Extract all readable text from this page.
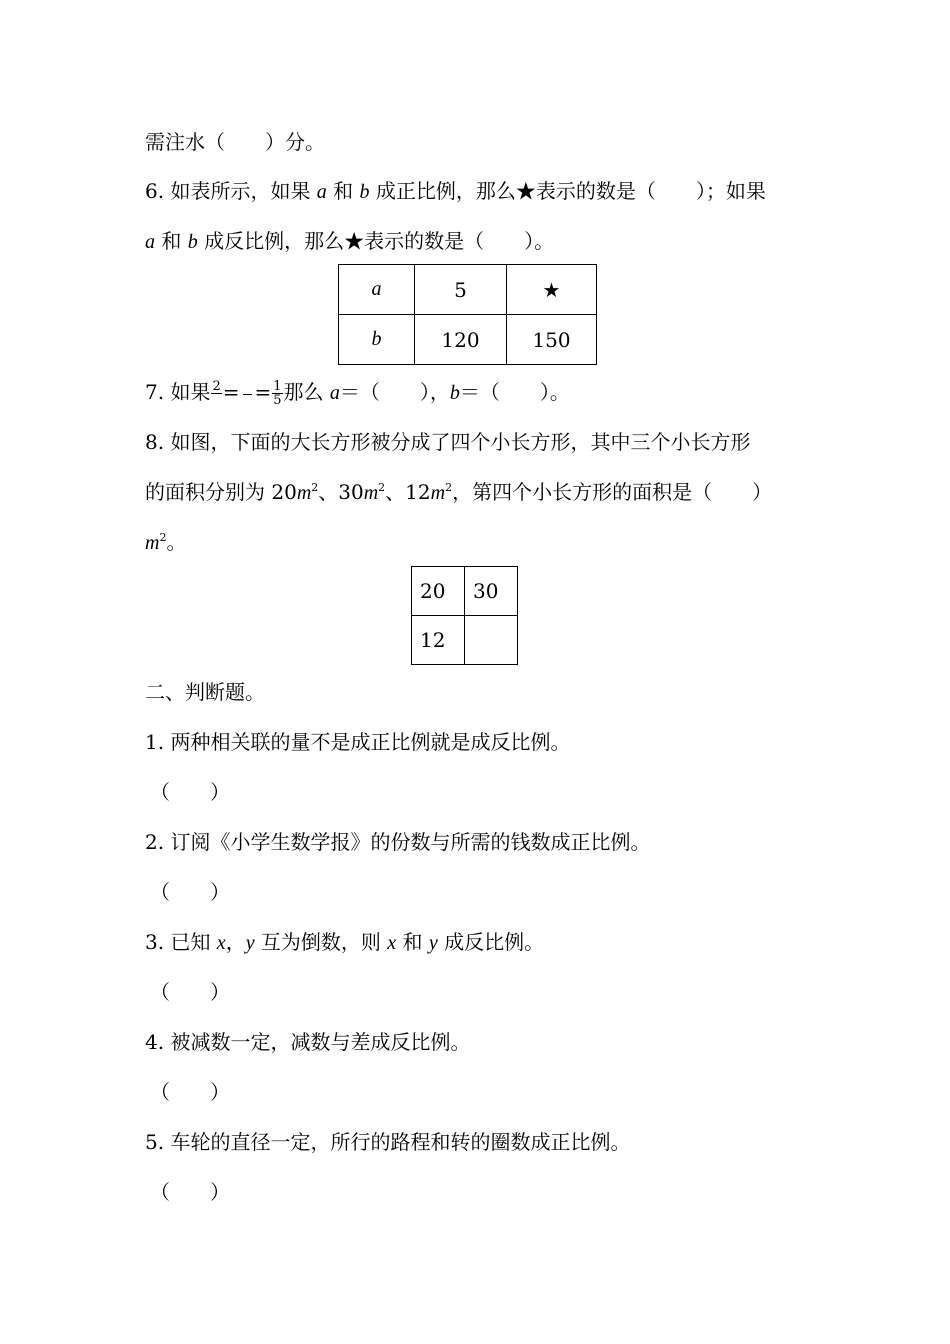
需注水（　　）分。
6. 如表所示，如果 a 和 b 成正比例，那么★表示的数是（　　）；如果
a 和 b 成反比例，那么★表示的数是（　　）。
a	5	★
b	120	150
7. 如果 2
= = $\frac{1}{5}$ 那么 a＝（　　），b＝（　　）。
8. 如图，下面的大长方形被分成了四个小长方形，其中三个小长方形
的面积分别为 $20m^2$、$30m^2$、$12m^2$，第四个小长方形的面积是（　　）
$m^2$。
20	30
12	
二、判断题。
1. 两种相关联的量不是成正比例就是成反比例。
（　　）
2. 订阅《小学生数学报》的份数与所需的钱数成正比例。
（　　）
3. 已知 x，y 互为倒数，则 x 和 y 成反比例。
（　　）
4. 被减数一定，减数与差成反比例。
（　　）
5. 车轮的直径一定，所行的路程和转的圈数成正比例。
（　　）
